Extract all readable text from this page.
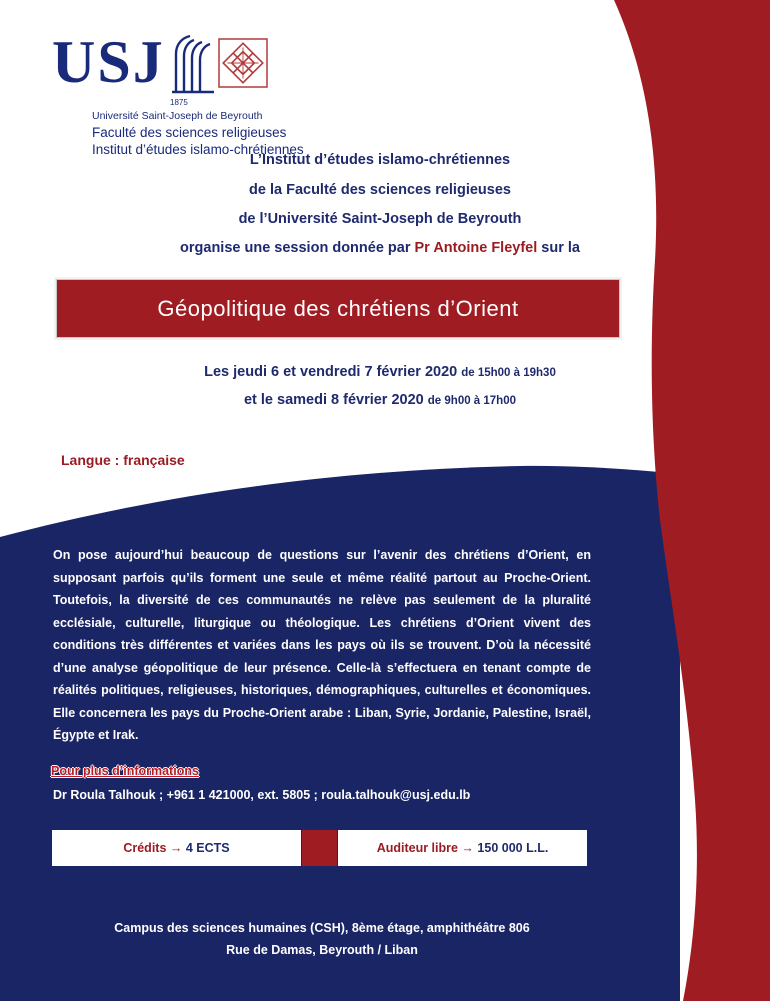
USJ
1875
Université Saint-Joseph de Beyrouth
Faculté des sciences religieuses
Institut d’études islamo-chrétiennes
L’Institut d’études islamo-chrétiennes
de la Faculté des sciences religieuses
de l’Université Saint-Joseph de Beyrouth
organise une session donnée par Pr Antoine Fleyfel sur la
Géopolitique des chrétiens d’Orient
Les jeudi 6 et vendredi 7 février 2020 de 15h00 à 19h30
et le samedi 8 février 2020 de 9h00 à 17h00
Langue : française
On pose aujourd’hui beaucoup de questions sur l’avenir des chrétiens d’Orient, en supposant parfois qu’ils forment une seule et même réalité partout au Proche-Orient. Toutefois, la diversité de ces communautés ne relève pas seulement de la pluralité ecclésiale, culturelle, liturgique ou théologique. Les chrétiens d’Orient vivent des conditions très différentes et variées dans les pays où ils se trouvent. D’où la nécessité d’une analyse géopolitique de leur présence. Celle-là s’effectuera en tenant compte de réalités politiques, religieuses, historiques, démographiques, culturelles et économiques. Elle concernera les pays du Proche-Orient arabe : Liban, Syrie, Jordanie, Palestine, Israël, Égypte et Irak.
Pour plus d’informations
Dr Roula Talhouk ; +961 1 421000, ext. 5805 ; roula.talhouk@usj.edu.lb
Crédits →
4 ECTS	Auditeur libre →
150 000 L.L.
Campus des sciences humaines (CSH), 8ème étage, amphithéâtre 806
Rue de Damas, Beyrouth / Liban
